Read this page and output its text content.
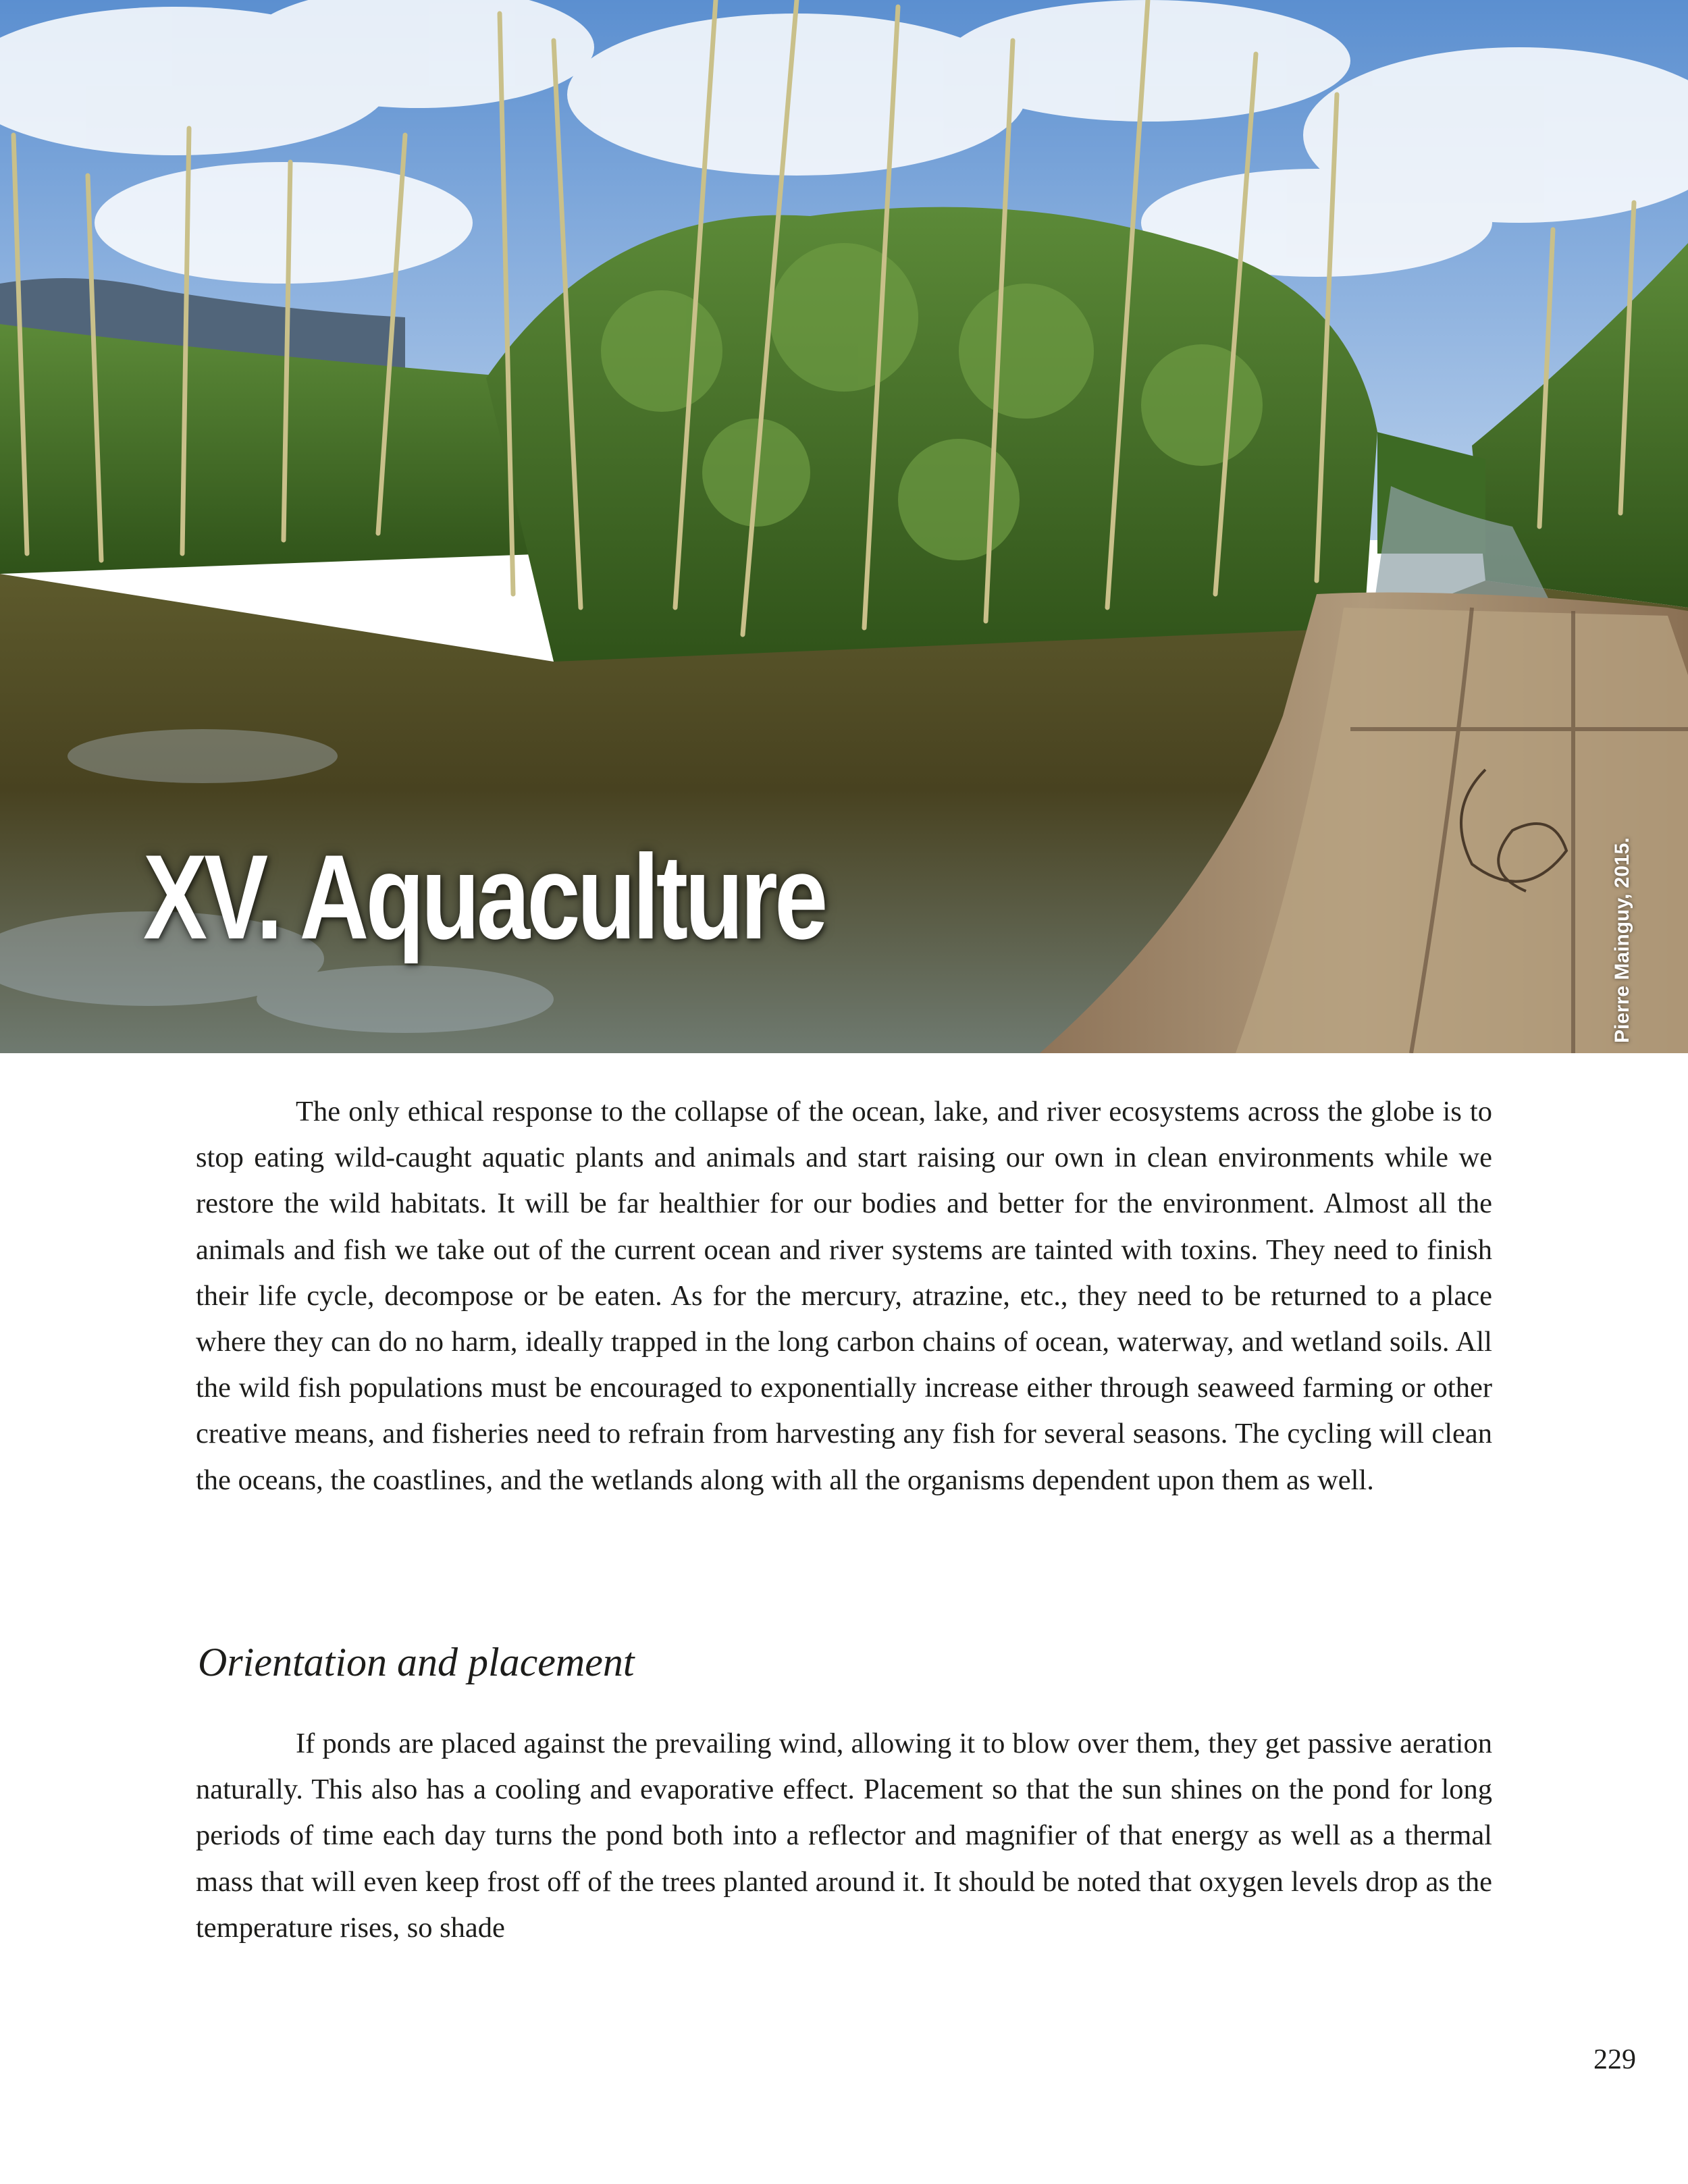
XV. Aquaculture	Pierre Mainguy, 2015.

The only ethical response to the collapse of the ocean, lake, and river ecosystems across the globe is to stop eating wild-caught aquatic plants and animals and start raising our own in clean environments while we restore the wild habitats. It will be far healthier for our bodies and better for the environment. Almost all the animals and fish we take out of the current ocean and river systems are tainted with toxins. They need to finish their life cycle, decompose or be eaten. As for the mercury, atrazine, etc., they need to be returned to a place where they can do no harm, ideally trapped in the long carbon chains of ocean, waterway, and wetland soils. All the wild fish populations must be encouraged to exponentially increase either through seaweed farming or other creative means, and fisheries need to refrain from harvesting any fish for several seasons. The cycling will clean the oceans, the coastlines, and the wetlands along with all the organisms dependent upon them as well.

Orientation and placement

If ponds are placed against the prevailing wind, allowing it to blow over them, they get passive aeration naturally. This also has a cooling and evaporative effect. Placement so that the sun shines on the pond for long periods of time each day turns the pond both into a reflector and magnifier of that energy as well as a thermal mass that will even keep frost off of the trees planted around it. It should be noted that oxygen levels drop as the temperature rises, so shade

229
